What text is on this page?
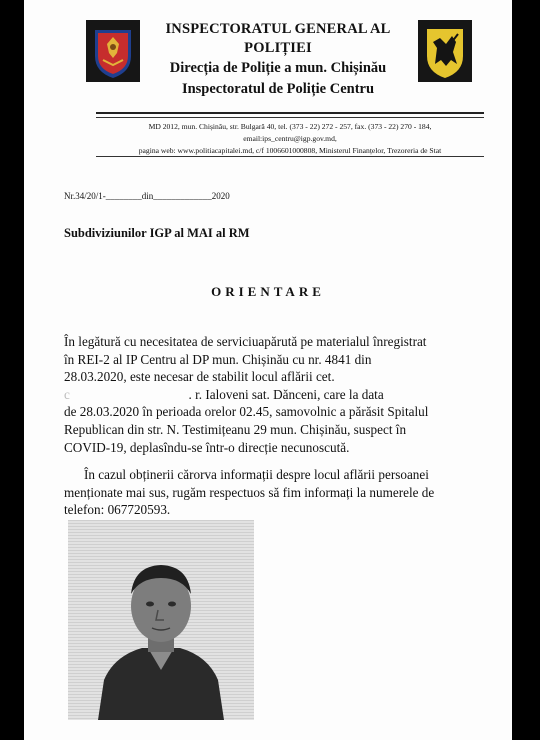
INSPECTORATUL GENERAL AL
POLIȚIEI
Direcția de Poliție a mun. Chișinău
Inspectoratul de Poliție Centru
MD 2012, mun. Chișinău, str. Bulgară 40, tel. (373 - 22) 272 - 257, fax. (373 - 22) 270 - 184,
email:ips_centru@igp.gov.md,
pagina web: www.politiacapitalei.md, c/f 1006601000808, Ministerul Finanțelor, Trezoreria de Stat
Nr.34/20/1-________din_____________2020
Subdiviziunilor IGP al MAI al RM
ORIENTARE
În legătură cu necesitatea de serviciuapărută pe materialul înregistrat
în REI-2 al IP Centru al DP mun. Chișinău cu nr. 4841 din
28.03.2020, este necesar de stabilit locul aflării cet.
c                                    . r. Ialoveni sat. Dănceni, care la data
de 28.03.2020 în perioada orelor 02.45, samovolnic a părăsit Spitalul
Republican din str. N. Testimițeanu 29 mun. Chișinău, suspect în
COVID-19, deplasîndu-se într-o direcție necunoscută.
În cazul obținerii cărorva informații despre locul aflării persoanei
menționate mai sus, rugăm respectuos să fim informați la numerele de
telefon: 067720593.
